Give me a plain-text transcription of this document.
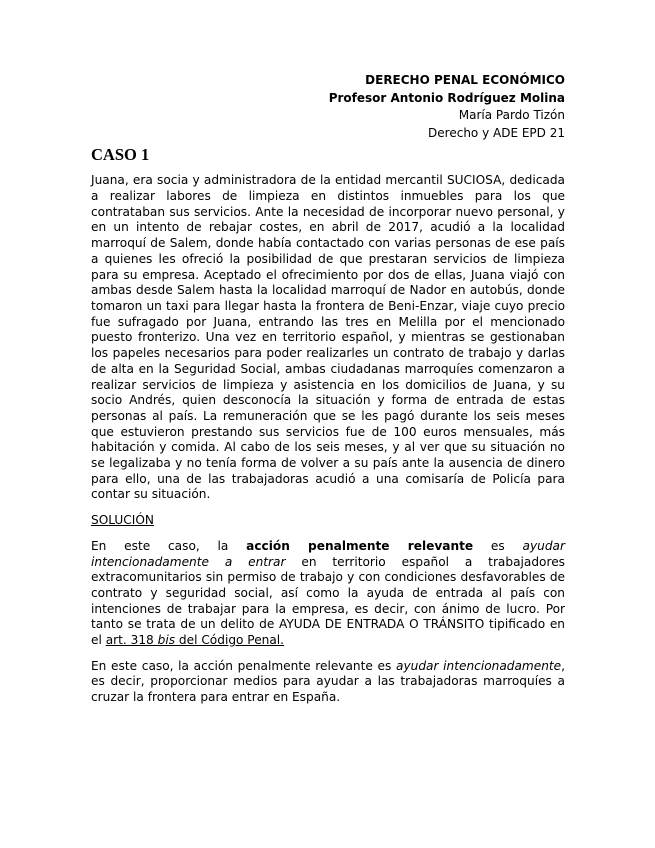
DERECHO PENAL ECONÓMICO
Profesor Antonio Rodríguez Molina
María Pardo Tizón
Derecho y ADE EPD 21
CASO 1

Juana, era socia y administradora de la entidad mercantil SUCIOSA, dedicada a realizar labores de limpieza en distintos inmuebles para los que contrataban sus servicios. Ante la necesidad de incorporar nuevo personal, y en un intento de rebajar costes, en abril de 2017, acudió a la localidad marroquí de Salem, donde había contactado con varias personas de ese país a quienes les ofreció la posibilidad de que prestaran servicios de limpieza para su empresa. Aceptado el ofrecimiento por dos de ellas, Juana viajó con ambas desde Salem hasta la localidad marroquí de Nador en autobús, donde tomaron un taxi para llegar hasta la frontera de Beni-Enzar, viaje cuyo precio fue sufragado por Juana, entrando las tres en Melilla por el mencionado puesto fronterizo. Una vez en territorio español, y mientras se gestionaban los papeles necesarios para poder realizarles un contrato de trabajo y darlas de alta en la Seguridad Social, ambas ciudadanas marroquíes comenzaron a realizar servicios de limpieza y asistencia en los domicilios de Juana, y su socio Andrés, quien desconocía la situación y forma de entrada de estas personas al país. La remuneración que se les pagó durante los seis meses que estuvieron prestando sus servicios fue de 100 euros mensuales, más habitación y comida. Al cabo de los seis meses, y al ver que su situación no se legalizaba y no tenía forma de volver a su país ante la ausencia de dinero para ello, una de las trabajadoras acudió a una comisaría de Policía para contar su situación.

SOLUCIÓN

En este caso, la acción penalmente relevante es ayudar intencionadamente a entrar en territorio español a trabajadores extracomunitarios sin permiso de trabajo y con condiciones desfavorables de contrato y seguridad social, así como la ayuda de entrada al país con intenciones de trabajar para la empresa, es decir, con ánimo de lucro. Por tanto se trata de un delito de AYUDA DE ENTRADA O TRÁNSITO tipificado en el art. 318 bis del Código Penal.

En este caso, la acción penalmente relevante es ayudar intencionadamente, es decir, proporcionar medios para ayudar a las trabajadoras marroquíes a cruzar la frontera para entrar en España.
